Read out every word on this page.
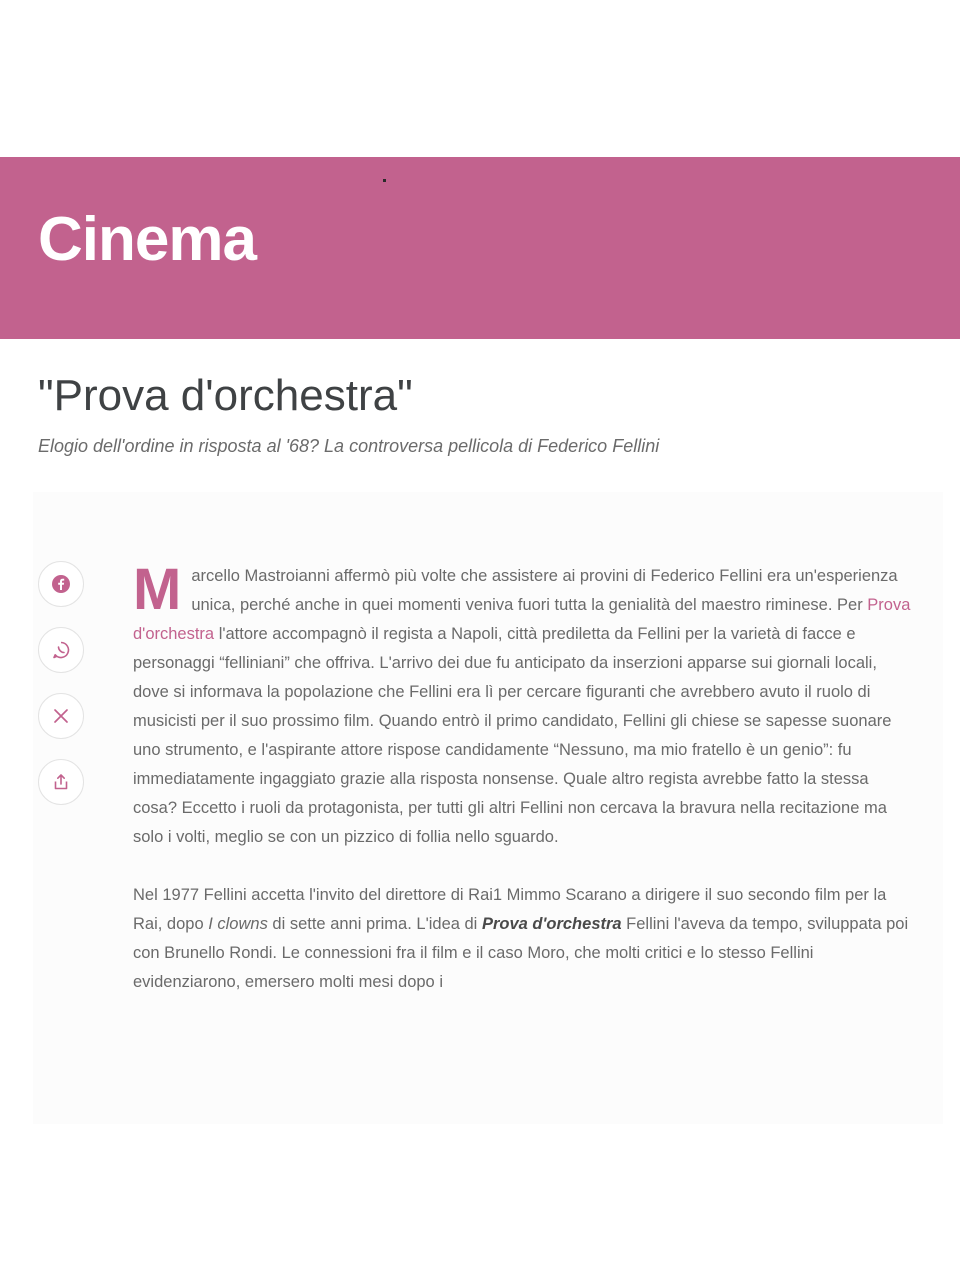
Cinema
"Prova d'orchestra"

Elogio dell'ordine in risposta al '68? La controversa pellicola di Federico Fellini

Marcello Mastroianni affermò più volte che assistere ai provini di Federico Fellini era un'esperienza unica, perché anche in quei momenti veniva fuori tutta la genialità del maestro riminese. Per Prova d'orchestra l'attore accompagnò il regista a Napoli, città prediletta da Fellini per la varietà di facce e personaggi “felliniani” che offriva. L'arrivo dei due fu anticipato da inserzioni apparse sui giornali locali, dove si informava la popolazione che Fellini era lì per cercare figuranti che avrebbero avuto il ruolo di musicisti per il suo prossimo film. Quando entrò il primo candidato, Fellini gli chiese se sapesse suonare uno strumento, e l'aspirante attore rispose candidamente “Nessuno, ma mio fratello è un genio”: fu immediatamente ingaggiato grazie alla risposta nonsense. Quale altro regista avrebbe fatto la stessa cosa? Eccetto i ruoli da protagonista, per tutti gli altri Fellini non cercava la bravura nella recitazione ma solo i volti, meglio se con un pizzico di follia nello sguardo.

Nel 1977 Fellini accetta l'invito del direttore di Rai1 Mimmo Scarano a dirigere il suo secondo film per la Rai, dopo I clowns di sette anni prima. L'idea di Prova d'orchestra Fellini l'aveva da tempo, sviluppata poi con Brunello Rondi. Le connessioni fra il film e il caso Moro, che molti critici e lo stesso Fellini evidenziarono, emersero molti mesi dopo i
